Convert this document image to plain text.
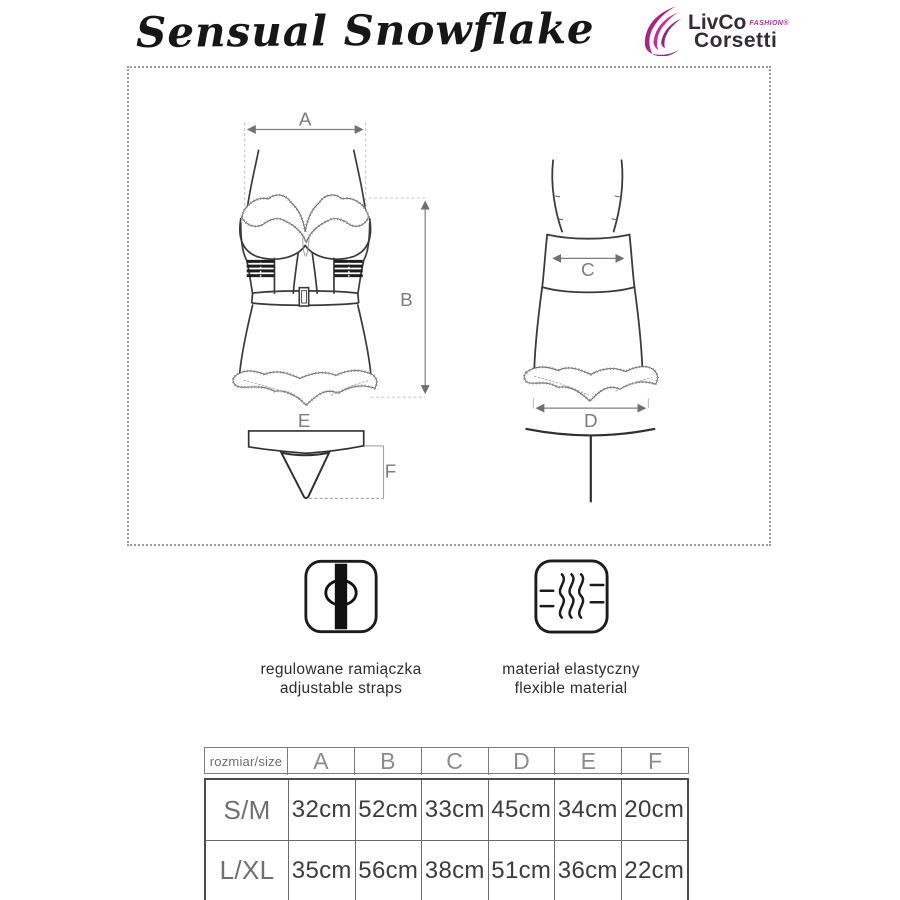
Sensual Snowflake	LivCo FASHION®
Corsetti
A
B
C
D
E
F
regulowane ramiączka
adjustable straps
materiał elastyczny
flexible material
rozmiar/size	A	B	C	D	E	F
S/M 32cm 52cm 33cm 45cm 34cm 20cm
L/XL 35cm 56cm 38cm 51cm 36cm 22cm
